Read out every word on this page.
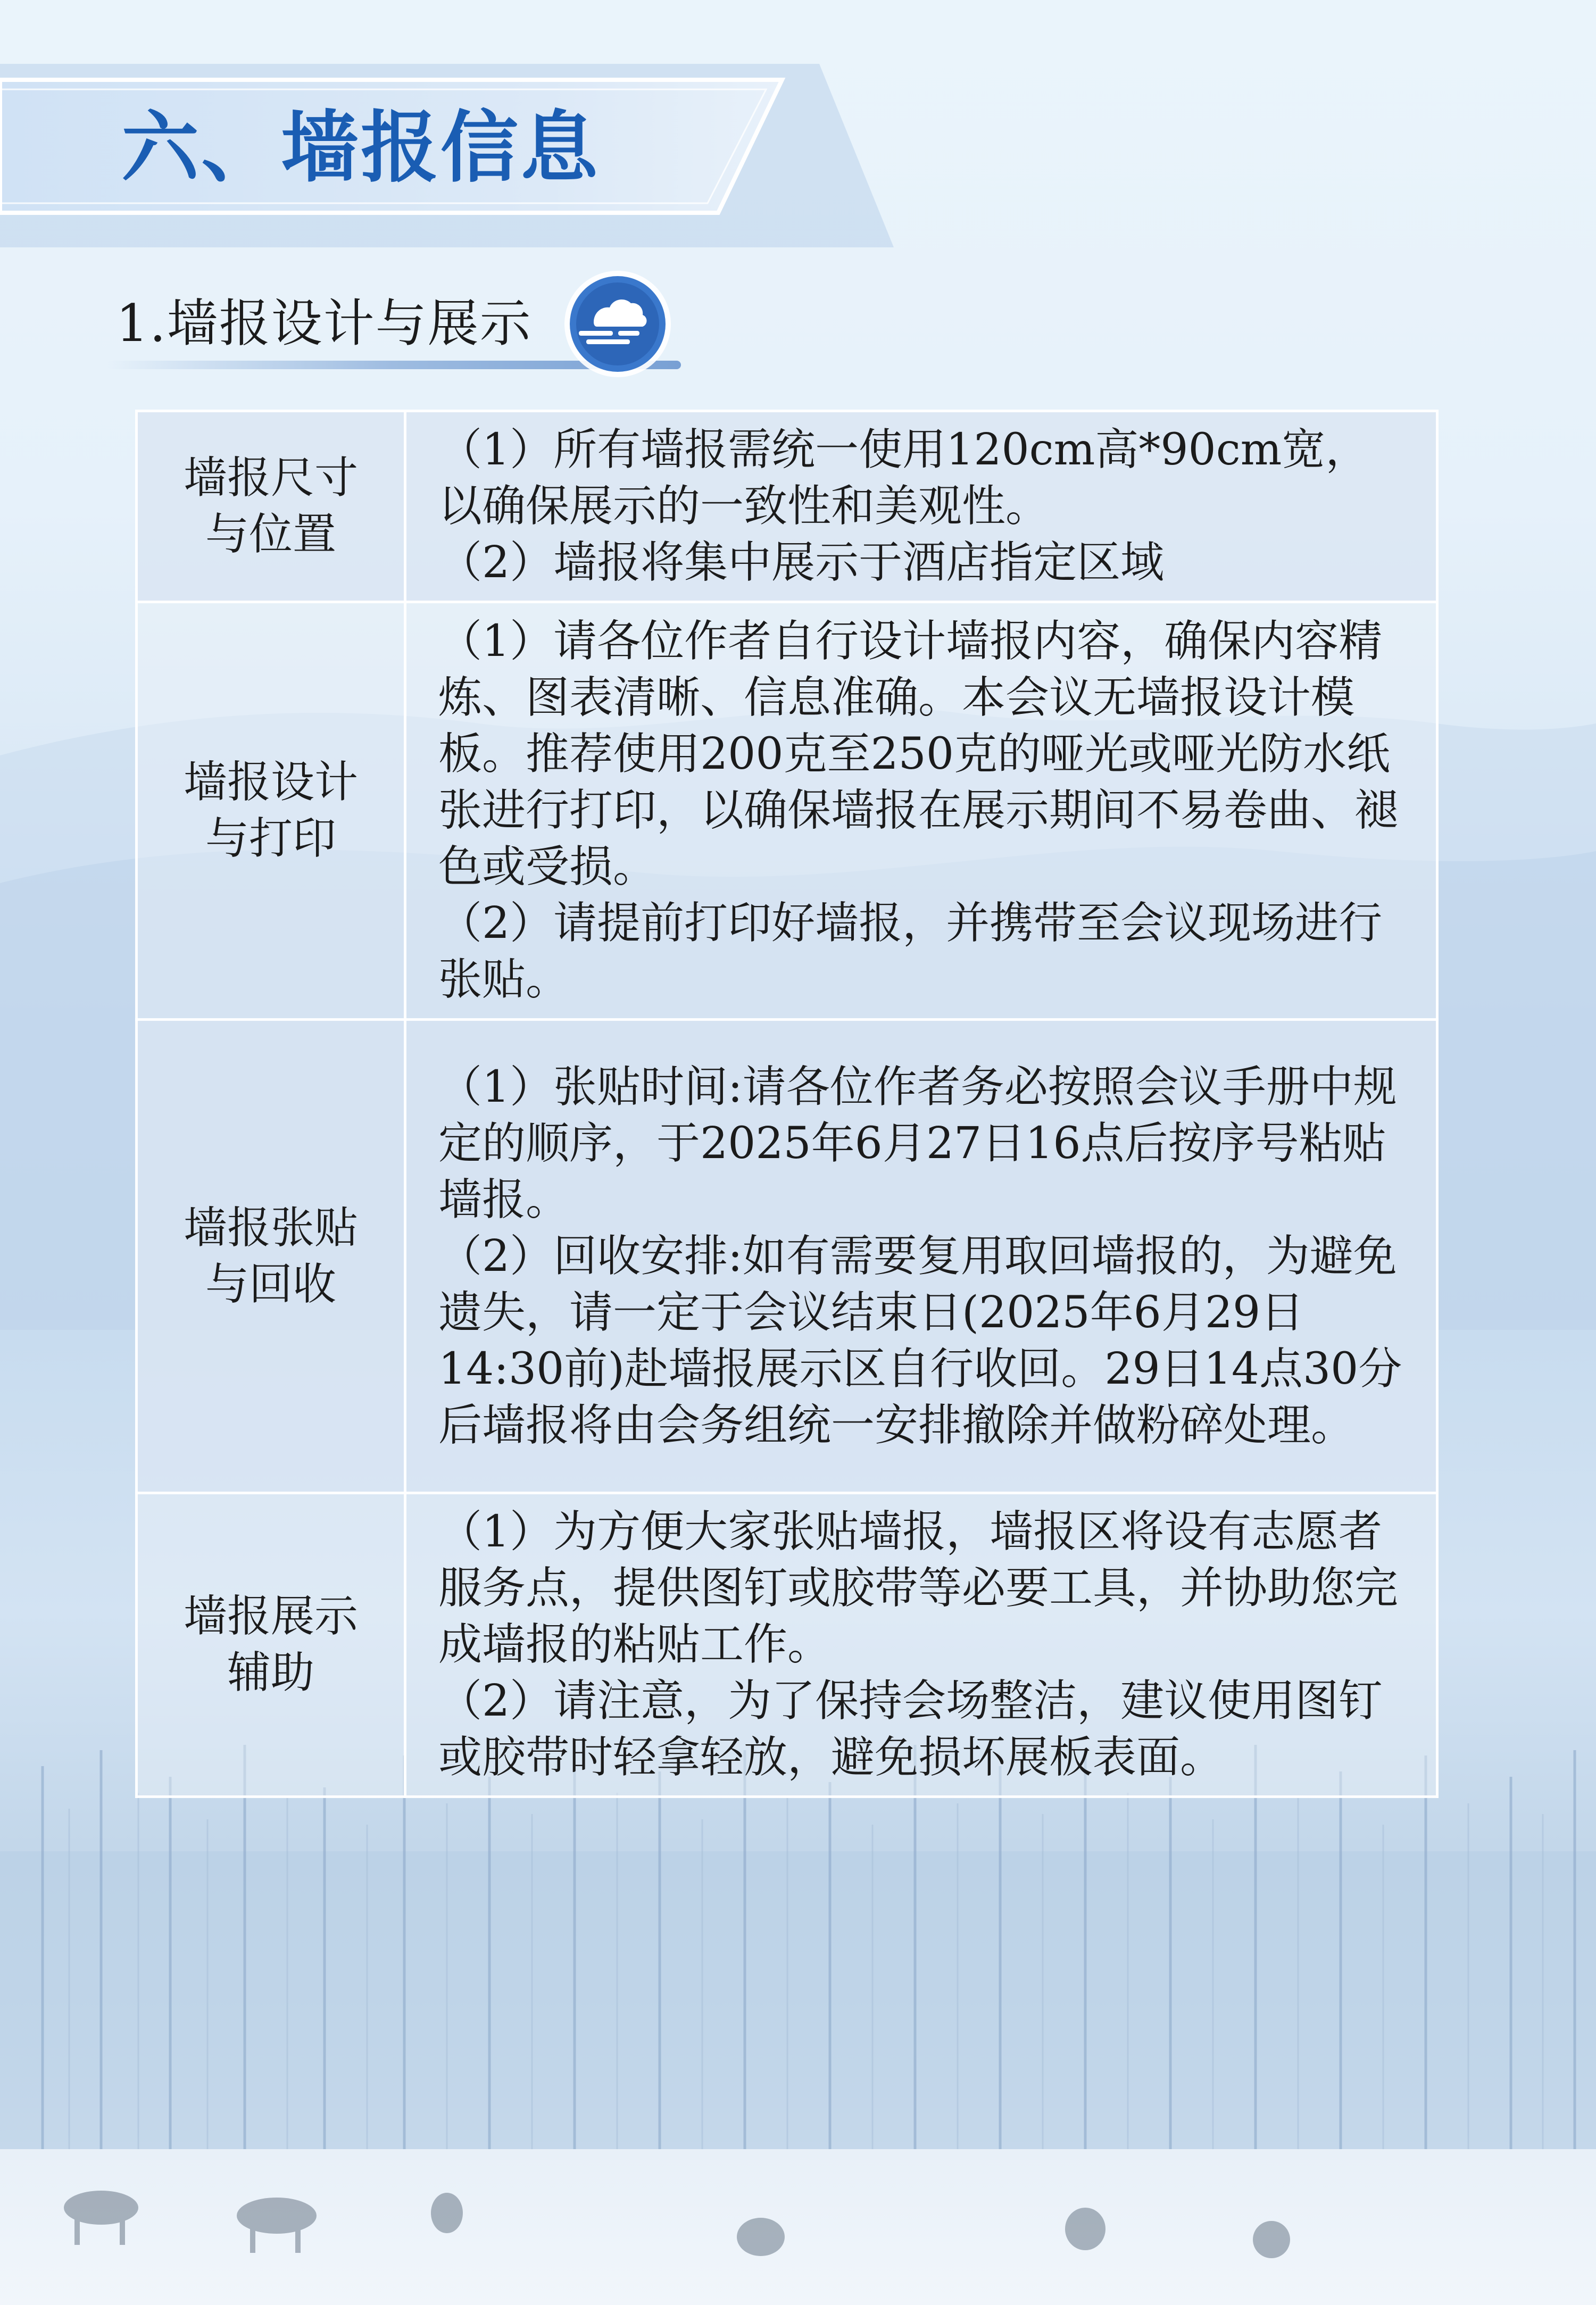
六、墙报信息
1.墙报设计与展示
墙报尺寸
与位置	（1）所有墙报需统一使用120cm高*90cm宽，以确保展示的一致性和美观性。
（2）墙报将集中展示于酒店指定区域

墙报设计
与打印	（1）请各位作者自行设计墙报内容，确保内容精炼、图表清晰、信息准确。本会议无墙报设计模板。推荐使用200克至250克的哑光或哑光防水纸张进行打印，以确保墙报在展示期间不易卷曲、褪色或受损。
（2）请提前打印好墙报，并携带至会议现场进行张贴。

墙报张贴
与回收	（1）张贴时间:请各位作者务必按照会议手册中规定的顺序，于2025年6月27日16点后按序号粘贴墙报。
（2）回收安排:如有需要复用取回墙报的，为避免遗失，请一定于会议结束日(2025年6月29日14:30前)赴墙报展示区自行收回。29日14点30分后墙报将由会务组统一安排撤除并做粉碎处理。

墙报展示
辅助	（1）为方便大家张贴墙报，墙报区将设有志愿者服务点，提供图钉或胶带等必要工具，并协助您完成墙报的粘贴工作。
（2）请注意，为了保持会场整洁，建议使用图钉或胶带时轻拿轻放，避免损坏展板表面。
